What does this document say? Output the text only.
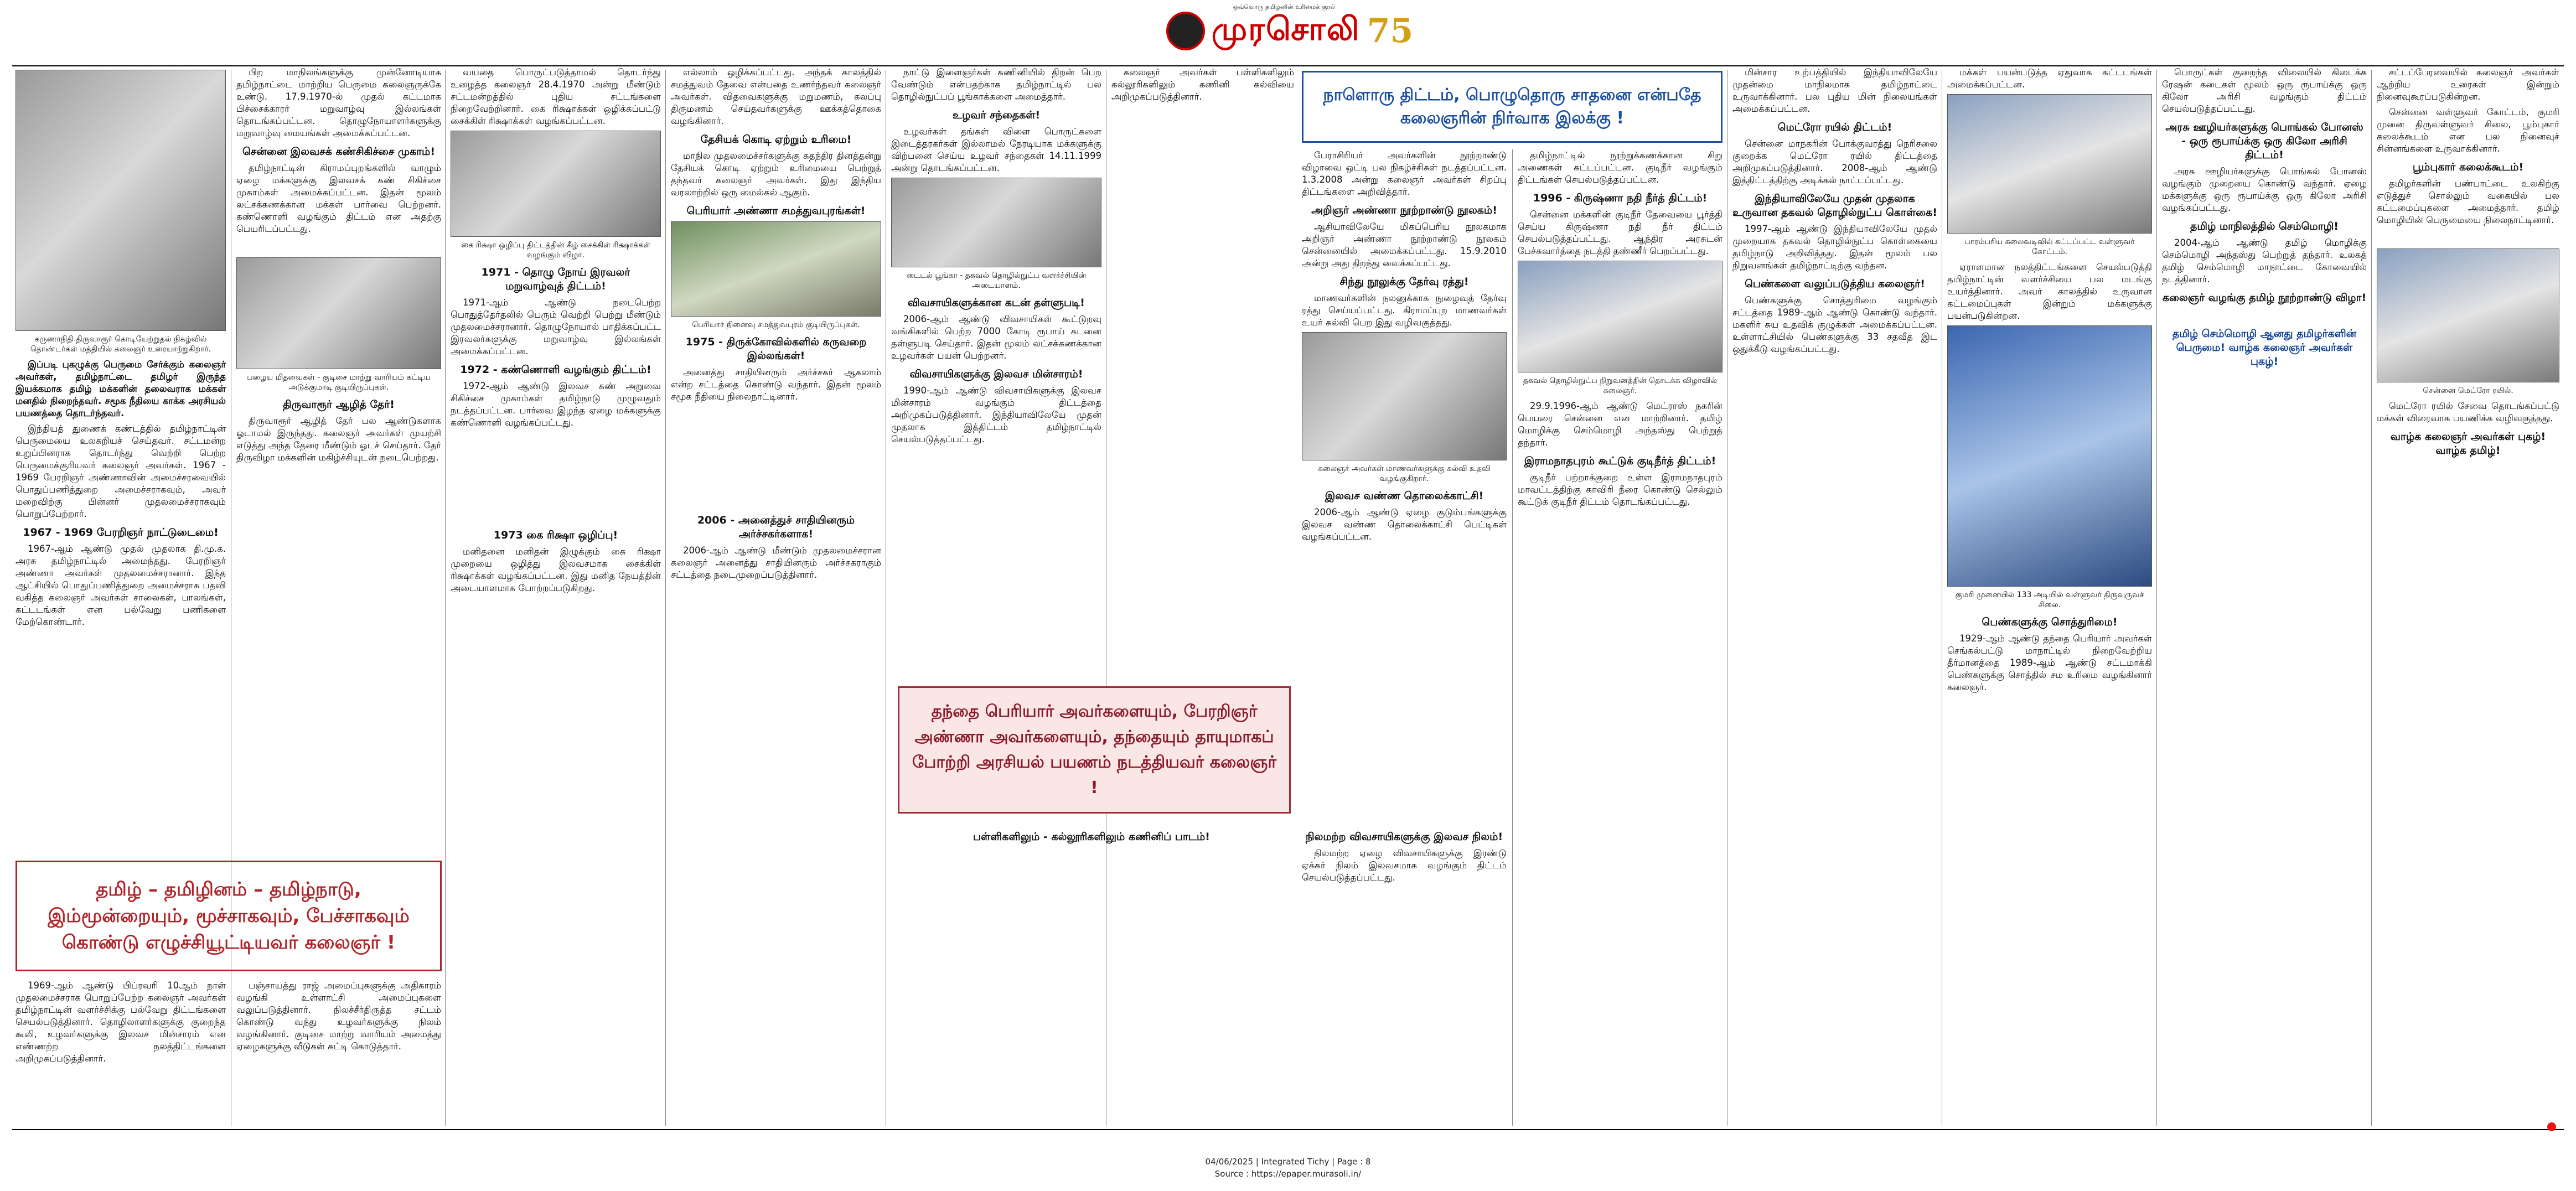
ஒவ்வொரு தமிழனின் உரிமைக் குரல்
முரசொலி 75
கருணாநிதி திருவாரூர் கொடியேற்றுதல் நிகழ்வில் தொண்டர்கள் மத்தியில் கலைஞர் உரையாற்றுகிறார்.

இப்படி புகழுக்கு பெருமை சேர்க்கும் கலைஞர் அவர்கள், தமிழ்நாட்டை தமிழர் இருந்த இயக்கமாக தமிழ் மக்களின் தலைவராக மக்கள் மனதில் நிறைந்தவர். சமூக நீதியை காக்க அரசியல் பயணத்தை தொடர்ந்தவர்.

இந்தியத் துணைக் கண்டத்தில் தமிழ்நாட்டின் பெருமையை உலகறியச் செய்தவர். சட்டமன்ற உறுப்பினராக தொடர்ந்து வெற்றி பெற்ற பெருமைக்குரியவர் கலைஞர் அவர்கள். 1967 - 1969 பேரறிஞர் அண்ணாவின் அமைச்சரவையில் பொதுப்பணித்துறை அமைச்சராகவும், அவர் மறைவிற்கு பின்னர் முதலமைச்சராகவும் பொறுப்பேற்றார்.

1967 - 1969 பேரறிஞர் நாட்டுடைமை!

1967-ஆம் ஆண்டு முதல் முதலாக தி.மு.க. அரசு தமிழ்நாட்டில் அமைந்தது. பேரறிஞர் அண்ணா அவர்கள் முதலமைச்சரானார். இந்த ஆட்சியில் பொதுப்பணித்துறை அமைச்சராக பதவி வகித்த கலைஞர் அவர்கள் சாலைகள், பாலங்கள், கட்டடங்கள் என பல்வேறு பணிகளை மேற்கொண்டார்.

பிற மாநிலங்களுக்கு முன்னோடியாக தமிழ்நாட்டை மாற்றிய பெருமை கலைஞருக்கே உண்டு. 17.9.1970-ல் முதல் கட்டமாக பிச்சைக்காரர் மறுவாழ்வு இல்லங்கள் தொடங்கப்பட்டன. தொழுநோயாளர்களுக்கு மறுவாழ்வு மையங்கள் அமைக்கப்பட்டன.

சென்னை இலவசக் கண்சிகிச்சை முகாம்!

தமிழ்நாட்டின் கிராமப்புறங்களில் வாழும் ஏழை மக்களுக்கு இலவசக் கண் சிகிச்சை முகாம்கள் அமைக்கப்பட்டன. இதன் மூலம் லட்சக்கணக்கான மக்கள் பார்வை பெற்றனர். கண்ணொளி வழங்கும் திட்டம் என அதற்கு பெயரிடப்பட்டது.

பழைய மிதவைகள் - குடிசை மாற்று வாரியம் கட்டிய அடுக்குமாடி குடியிருப்புகள்.
திருவாரூர் ஆழித் தேர்!

திருவாரூர் ஆழித் தேர் பல ஆண்டுகளாக ஓடாமல் இருந்தது. கலைஞர் அவர்கள் முயற்சி எடுத்து அந்த தேரை மீண்டும் ஓடச் செய்தார். தேர் திருவிழா மக்களின் மகிழ்ச்சியுடன் நடைபெற்றது.

தமிழ் – தமிழினம் – தமிழ்நாடு, இம்மூன்றையும், மூச்சாகவும், பேச்சாகவும் கொண்டு எழுச்சியூட்டியவர் கலைஞர் !

1969-ஆம் ஆண்டு பிப்ரவரி 10ஆம் நாள் முதலமைச்சராக பொறுப்பேற்ற கலைஞர் அவர்கள் தமிழ்நாட்டின் வளர்ச்சிக்கு பல்வேறு திட்டங்களை செயல்படுத்தினார். தொழிலாளர்களுக்கு குறைந்த கூலி, உழவர்களுக்கு இலவச மின்சாரம் என எண்ணற்ற நலத்திட்டங்களை அறிமுகப்படுத்தினார்.

பஞ்சாயத்து ராஜ் அமைப்புகளுக்கு அதிகாரம் வழங்கி உள்ளாட்சி அமைப்புகளை வலுப்படுத்தினார். நிலச்சீர்திருத்த சட்டம் கொண்டு வந்து உழவர்களுக்கு நிலம் வழங்கினார். குடிசை மாற்று வாரியம் அமைத்து ஏழைகளுக்கு வீடுகள் கட்டி கொடுத்தார்.

வயதை பொருட்படுத்தாமல் தொடர்ந்து உழைத்த கலைஞர் 28.4.1970 அன்று மீண்டும் சட்டமன்றத்தில் புதிய சட்டங்களை நிறைவேற்றினார். கை ரிக்ஷாக்கள் ஒழிக்கப்பட்டு சைக்கிள் ரிக்ஷாக்கள் வழங்கப்பட்டன.

கை ரிக்ஷா ஒழிப்பு திட்டத்தின் கீழ் சைக்கிள் ரிக்ஷாக்கள் வழங்கும் விழா.
1971 - தொழு நோய் இரவலர் மறுவாழ்வுத் திட்டம்!

1971-ஆம் ஆண்டு நடைபெற்ற பொதுத்தேர்தலில் பெரும் வெற்றி பெற்று மீண்டும் முதலமைச்சரானார். தொழுநோயால் பாதிக்கப்பட்ட இரவலர்களுக்கு மறுவாழ்வு இல்லங்கள் அமைக்கப்பட்டன.

1972 - கண்ணொளி வழங்கும் திட்டம்!

1972-ஆம் ஆண்டு இலவச கண் அறுவை சிகிச்சை முகாம்கள் தமிழ்நாடு முழுவதும் நடத்தப்பட்டன. பார்வை இழந்த ஏழை மக்களுக்கு கண்ணொளி வழங்கப்பட்டது.

1973 கை ரிக்ஷா ஒழிப்பு!

மனிதனை மனிதன் இழுக்கும் கை ரிக்ஷா முறையை ஒழித்து இலவசமாக சைக்கிள் ரிக்ஷாக்கள் வழங்கப்பட்டன. இது மனித நேயத்தின் அடையாளமாக போற்றப்படுகிறது.

எல்லாம் ஒழிக்கப்பட்டது. அந்தக் காலத்தில் சமத்துவம் தேவை என்பதை உணர்ந்தவர் கலைஞர் அவர்கள். விதவைகளுக்கு மறுமணம், கலப்பு திருமணம் செய்தவர்களுக்கு ஊக்கத்தொகை வழங்கினார்.

தேசியக் கொடி ஏற்றும் உரிமை!

மாநில முதலமைச்சர்களுக்கு சுதந்திர தினத்தன்று தேசியக் கொடி ஏற்றும் உரிமையை பெற்றுத் தந்தவர் கலைஞர் அவர்கள். இது இந்திய வரலாற்றில் ஒரு மைல்கல் ஆகும்.

பெரியார் அண்ணா சமத்துவபுரங்கள்!
பெரியார் நினைவு சமத்துவபுரம் குடியிருப்புகள்.
1975 - திருக்கோவில்களில் கருவறை இல்லங்கள்!

அனைத்து சாதியினரும் அர்ச்சகர் ஆகலாம் என்ற சட்டத்தை கொண்டு வந்தார். இதன் மூலம் சமூக நீதியை நிலைநாட்டினார்.

2006 - அனைத்துச் சாதியினரும் அர்ச்சகர்களாக!

2006-ஆம் ஆண்டு மீண்டும் முதலமைச்சரான கலைஞர் அனைத்து சாதியினரும் அர்ச்சகராகும் சட்டத்தை நடைமுறைப்படுத்தினார்.

நாட்டு இளைஞர்கள் கணினியில் திறன் பெற வேண்டும் என்பதற்காக தமிழ்நாட்டில் பல தொழில்நுட்பப் பூங்காக்களை அமைத்தார்.

உழவர் சந்தைகள்!

உழவர்கள் தங்கள் விளை பொருட்களை இடைத்தரகர்கள் இல்லாமல் நேரடியாக மக்களுக்கு விற்பனை செய்ய உழவர் சந்தைகள் 14.11.1999 அன்று தொடங்கப்பட்டன.

டைடல் பூங்கா - தகவல் தொழில்நுட்ப வளர்ச்சியின் அடையாளம்.
விவசாயிகளுக்கான கடன் தள்ளுபடி!

2006-ஆம் ஆண்டு விவசாயிகள் கூட்டுறவு வங்கிகளில் பெற்ற 7000 கோடி ரூபாய் கடனை தள்ளுபடி செய்தார். இதன் மூலம் லட்சக்கணக்கான உழவர்கள் பயன் பெற்றனர்.

விவசாயிகளுக்கு இலவச மின்சாரம்!

1990-ஆம் ஆண்டு விவசாயிகளுக்கு இலவச மின்சாரம் வழங்கும் திட்டத்தை அறிமுகப்படுத்தினார். இந்தியாவிலேயே முதன் முதலாக இத்திட்டம் தமிழ்நாட்டில் செயல்படுத்தப்பட்டது.

நாளொரு திட்டம், பொழுதொரு சாதனை என்பதே கலைஞரின் நிர்வாக இலக்கு !

கலைஞர் அவர்கள் பள்ளிகளிலும் கல்லூரிகளிலும் கணினி கல்வியை அறிமுகப்படுத்தினார்.

பேராசிரியர் அவர்களின் நூற்றாண்டு விழாவை ஒட்டி பல நிகழ்ச்சிகள் நடத்தப்பட்டன. 1.3.2008 அன்று கலைஞர் அவர்கள் சிறப்பு திட்டங்களை அறிவித்தார்.

அறிஞர் அண்ணா நூற்றாண்டு நூலகம்!

ஆசியாவிலேயே மிகப்பெரிய நூலகமாக அறிஞர் அண்ணா நூற்றாண்டு நூலகம் சென்னையில் அமைக்கப்பட்டது. 15.9.2010 அன்று அது திறந்து வைக்கப்பட்டது.

சிந்து நூலுக்கு தேர்வு ரத்து!

மாணவர்களின் நலனுக்காக நுழைவுத் தேர்வு ரத்து செய்யப்பட்டது. கிராமப்புற மாணவர்கள் உயர் கல்வி பெற இது வழிவகுத்தது.

கலைஞர் அவர்கள் மாணவர்களுக்கு கல்வி உதவி வழங்குகிறார்.
இலவச வண்ண தொலைக்காட்சி!

2006-ஆம் ஆண்டு ஏழை குடும்பங்களுக்கு இலவச வண்ண தொலைக்காட்சி பெட்டிகள் வழங்கப்பட்டன.

தந்தை பெரியார் அவர்களையும், பேரறிஞர் அண்ணா அவர்களையும், தந்தையும் தாயுமாகப் போற்றி அரசியல் பயணம் நடத்தியவர் கலைஞர் !

தமிழ்நாட்டில் நூற்றுக்கணக்கான சிறு அணைகள் கட்டப்பட்டன. குடிநீர் வழங்கும் திட்டங்கள் செயல்படுத்தப்பட்டன.

1996 - கிருஷ்ணா நதி நீர்த் திட்டம்!

சென்னை மக்களின் குடிநீர் தேவையை பூர்த்தி செய்ய கிருஷ்ணா நதி நீர் திட்டம் செயல்படுத்தப்பட்டது. ஆந்திர அரசுடன் பேச்சுவார்த்தை நடத்தி தண்ணீர் பெறப்பட்டது.

தகவல் தொழில்நுட்ப நிறுவனத்தின் தொடக்க விழாவில் கலைஞர்.

29.9.1996-ஆம் ஆண்டு மெட்ராஸ் நகரின் பெயரை சென்னை என மாற்றினார். தமிழ் மொழிக்கு செம்மொழி அந்தஸ்து பெற்றுத் தந்தார்.

இராமநாதபுரம் கூட்டுக் குடிநீர்த் திட்டம்!

குடிநீர் பற்றாக்குறை உள்ள இராமநாதபுரம் மாவட்டத்திற்கு காவிரி நீரை கொண்டு செல்லும் கூட்டுக் குடிநீர் திட்டம் தொடங்கப்பட்டது.

நிலமற்ற விவசாயிகளுக்கு இலவச நிலம்!

நிலமற்ற ஏழை விவசாயிகளுக்கு இரண்டு ஏக்கர் நிலம் இலவசமாக வழங்கும் திட்டம் செயல்படுத்தப்பட்டது.

பள்ளிகளிலும் - கல்லூரிகளிலும் கணினிப் பாடம்!

மின்சார உற்பத்தியில் இந்தியாவிலேயே முதன்மை மாநிலமாக தமிழ்நாட்டை உருவாக்கினார். பல புதிய மின் நிலையங்கள் அமைக்கப்பட்டன.

மெட்ரோ ரயில் திட்டம்!

சென்னை மாநகரின் போக்குவரத்து நெரிசலை குறைக்க மெட்ரோ ரயில் திட்டத்தை அறிமுகப்படுத்தினார். 2008-ஆம் ஆண்டு இத்திட்டத்திற்கு அடிக்கல் நாட்டப்பட்டது.

இந்தியாவிலேயே முதன் முதலாக உருவான தகவல் தொழில்நுட்ப கொள்கை!

1997-ஆம் ஆண்டு இந்தியாவிலேயே முதல் முறையாக தகவல் தொழில்நுட்ப கொள்கையை தமிழ்நாடு அறிவித்தது. இதன் மூலம் பல நிறுவனங்கள் தமிழ்நாட்டிற்கு வந்தன.

பெண்களை வலுப்படுத்திய கலைஞர்!

பெண்களுக்கு சொத்துரிமை வழங்கும் சட்டத்தை 1989-ஆம் ஆண்டு கொண்டு வந்தார். மகளிர் சுய உதவிக் குழுக்கள் அமைக்கப்பட்டன. உள்ளாட்சியில் பெண்களுக்கு 33 சதவீத இட ஒதுக்கீடு வழங்கப்பட்டது.

மக்கள் பயன்படுத்த ஏதுவாக கட்டடங்கள் அமைக்கப்பட்டன.

பாரம்பரிய கலைவடிவில் கட்டப்பட்ட வள்ளுவர் கோட்டம்.

ஏராளமான நலத்திட்டங்களை செயல்படுத்தி தமிழ்நாட்டின் வளர்ச்சியை பல மடங்கு உயர்த்தினார். அவர் காலத்தில் உருவான கட்டமைப்புகள் இன்றும் மக்களுக்கு பயன்படுகின்றன.

குமரி முனையில் 133 அடியில் வள்ளுவர் திருவுருவச் சிலை.
பெண்களுக்கு சொத்துரிமை!

1929-ஆம் ஆண்டு தந்தை பெரியார் அவர்கள் செங்கல்பட்டு மாநாட்டில் நிறைவேற்றிய தீர்மானத்தை 1989-ஆம் ஆண்டு சட்டமாக்கி பெண்களுக்கு சொத்தில் சம உரிமை வழங்கினார் கலைஞர்.

பொருட்கள் குறைந்த விலையில் கிடைக்க ரேஷன் கடைகள் மூலம் ஒரு ரூபாய்க்கு ஒரு கிலோ அரிசி வழங்கும் திட்டம் செயல்படுத்தப்பட்டது.

அரசு ஊழியர்களுக்கு பொங்கல் போனஸ் - ஒரு ரூபாய்க்கு ஒரு கிலோ அரிசி திட்டம்!

அரசு ஊழியர்களுக்கு பொங்கல் போனஸ் வழங்கும் முறையை கொண்டு வந்தார். ஏழை மக்களுக்கு ஒரு ரூபாய்க்கு ஒரு கிலோ அரிசி வழங்கப்பட்டது.

தமிழ் மாநிலத்தில் செம்மொழி!

2004-ஆம் ஆண்டு தமிழ் மொழிக்கு செம்மொழி அந்தஸ்து பெற்றுத் தந்தார். உலகத் தமிழ் செம்மொழி மாநாட்டை கோவையில் நடத்தினார்.

கலைஞர் வழங்கு தமிழ் நூற்றாண்டு விழா!
தமிழ் செம்மொழி ஆனது தமிழர்களின் பெருமை! வாழ்க கலைஞர் அவர்கள் புகழ்!

சட்டப்பேரவையில் கலைஞர் அவர்கள் ஆற்றிய உரைகள் இன்றும் நினைவுகூரப்படுகின்றன.

சென்னை வள்ளுவர் கோட்டம், குமரி முனை திருவள்ளுவர் சிலை, பூம்புகார் கலைக்கூடம் என பல நினைவுச் சின்னங்களை உருவாக்கினார்.

பூம்புகார் கலைக்கூடம்!

தமிழர்களின் பண்பாட்டை உலகிற்கு எடுத்துச் சொல்லும் வகையில் பல கட்டமைப்புகளை அமைத்தார். தமிழ் மொழியின் பெருமையை நிலைநாட்டினார்.

சென்னை மெட்ரோ ரயில்.

மெட்ரோ ரயில் சேவை தொடங்கப்பட்டு மக்கள் விரைவாக பயணிக்க வழிவகுத்தது.

வாழ்க கலைஞர் அவர்கள் புகழ்! வாழ்க தமிழ்!
04/06/2025 | Integrated Tichy | Page : 8
Source : https://epaper.murasoli.in/
